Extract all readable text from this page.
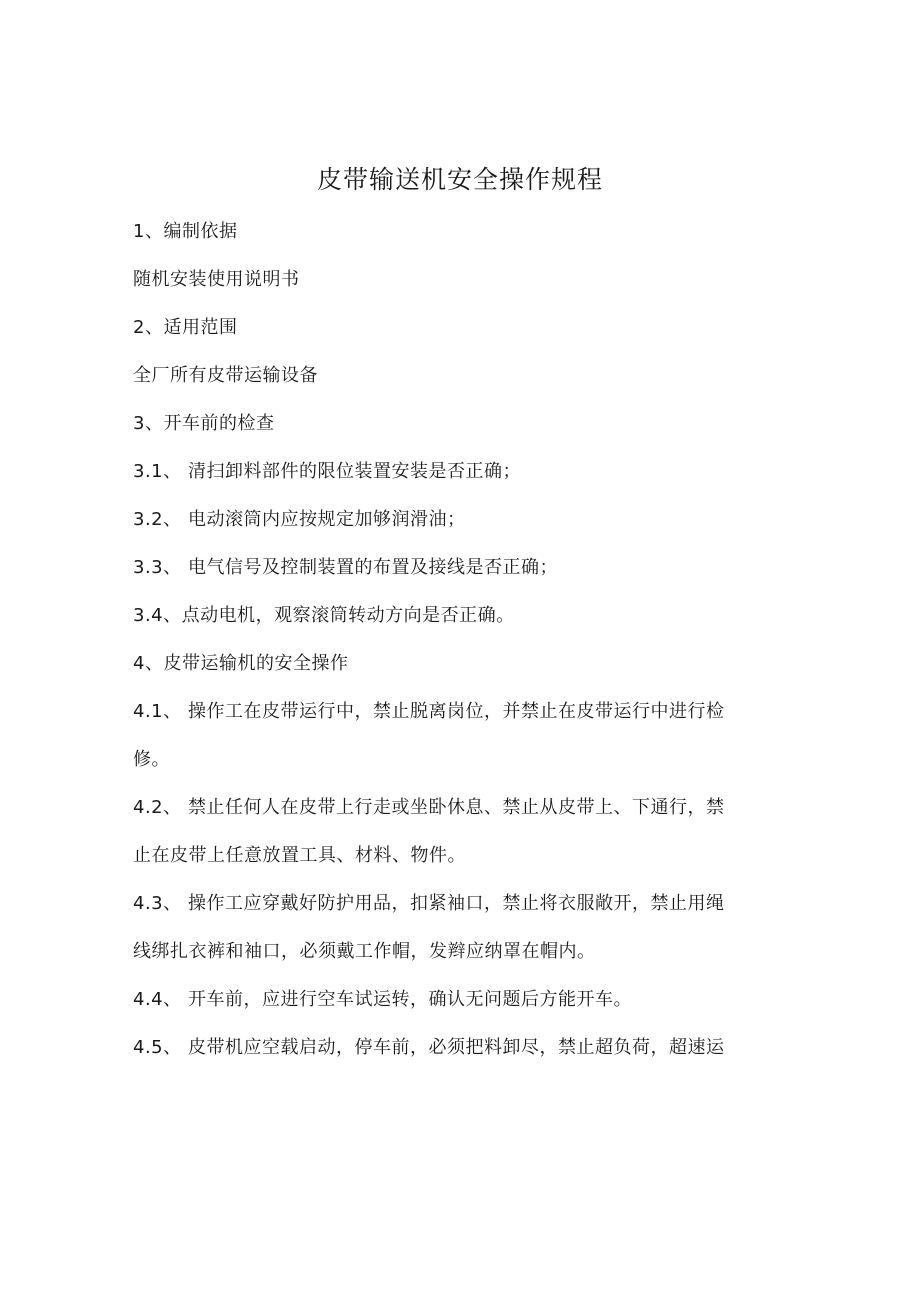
皮带输送机安全操作规程
1、编制依据
随机安装使用说明书
2、适用范围
全厂所有皮带运输设备
3、开车前的检查
3.1、 清扫卸料部件的限位装置安装是否正确；
3.2、 电动滚筒内应按规定加够润滑油；
3.3、 电气信号及控制装置的布置及接线是否正确；
3.4、点动电机，观察滚筒转动方向是否正确。
4、皮带运输机的安全操作
4.1、 操作工在皮带运行中，禁止脱离岗位，并禁止在皮带运行中进行检
修。
4.2、 禁止任何人在皮带上行走或坐卧休息、禁止从皮带上、下通行，禁
止在皮带上任意放置工具、材料、物件。
4.3、 操作工应穿戴好防护用品，扣紧袖口，禁止将衣服敞开，禁止用绳
线绑扎衣裤和袖口，必须戴工作帽，发辫应纳罩在帽内。
4.4、 开车前，应进行空车试运转，确认无问题后方能开车。
4.5、 皮带机应空载启动，停车前，必须把料卸尽，禁止超负荷，超速运
